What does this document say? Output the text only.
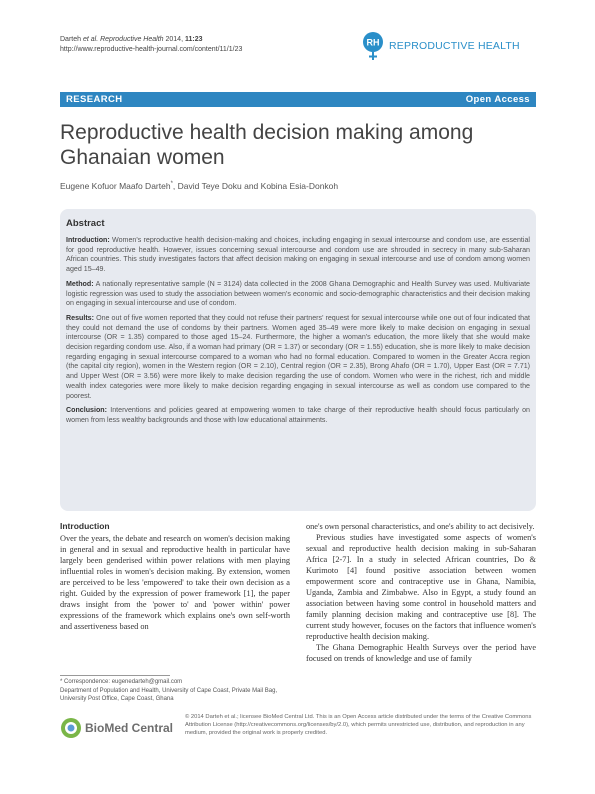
Darteh et al. Reproductive Health 2014, 11:23
http://www.reproductive-health-journal.com/content/11/1/23
RH REPRODUCTIVE HEALTH
RESEARCH	Open Access
Reproductive health decision making among Ghanaian women
Eugene Kofuor Maafo Darteh*, David Teye Doku and Kobina Esia-Donkoh
Abstract

Introduction: Women's reproductive health decision-making and choices, including engaging in sexual intercourse and condom use, are essential for good reproductive health. However, issues concerning sexual intercourse and condom use are shrouded in secrecy in many sub-Saharan African countries. This study investigates factors that affect decision making on engaging in sexual intercourse and use of condom among women aged 15–49.

Method: A nationally representative sample (N = 3124) data collected in the 2008 Ghana Demographic and Health Survey was used. Multivariate logistic regression was used to study the association between women's economic and socio-demographic characteristics and their decision making on engaging in sexual intercourse and use of condom.

Results: One out of five women reported that they could not refuse their partners' request for sexual intercourse while one out of four indicated that they could not demand the use of condoms by their partners. Women aged 35–49 were more likely to make decision on engaging in sexual intercourse (OR = 1.35) compared to those aged 15–24. Furthermore, the higher a woman's education, the more likely that she would make decision regarding condom use. Also, if a woman had primary (OR = 1.37) or secondary (OR = 1.55) education, she is more likely to make decision regarding engaging in sexual intercourse compared to a woman who had no formal education. Compared to women in the Greater Accra region (the capital city region), women in the Western region (OR = 2.10), Central region (OR = 2.35), Brong Ahafo (OR = 1.70), Upper East (OR = 7.71) and Upper West (OR = 3.56) were more likely to make decision regarding the use of condom. Women who were in the richest, rich and middle wealth index categories were more likely to make decision regarding engaging in sexual intercourse as well as condom use compared to the poorest.

Conclusion: Interventions and policies geared at empowering women to take charge of their reproductive health should focus particularly on women from less wealthy backgrounds and those with low educational attainments.

Introduction

Over the years, the debate and research on women's decision making in general and in sexual and reproductive health in particular have largely been genderised within power relations with men playing influential roles in women's decision making. By extension, women are perceived to be less 'empowered' to take their own decision as a right. Guided by the expression of power framework [1], the paper draws insight from the 'power to' and 'power within' power expressions of the framework which explains one's own self-worth and assertiveness based on

one's own personal characteristics, and one's ability to act decisively.

Previous studies have investigated some aspects of women's sexual and reproductive health decision making in sub-Saharan Africa [2-7]. In a study in selected African countries, Do & Kurimoto [4] found positive association between women empowerment score and contraceptive use in Ghana, Namibia, Uganda, Zambia and Zimbabwe. Also in Egypt, a study found an association between having some control in household matters and family planning decision making and contraceptive use [8]. The current study however, focuses on the factors that influence women's reproductive health decision making.

The Ghana Demographic Health Surveys over the period have focused on trends of knowledge and use of family

* Correspondence: eugenedarteh@gmail.com
Department of Population and Health, University of Cape Coast, Private Mail Bag, University Post Office, Cape Coast, Ghana
BioMed Central
© 2014 Darteh et al.; licensee BioMed Central Ltd. This is an Open Access article distributed under the terms of the Creative Commons Attribution License (http://creativecommons.org/licenses/by/2.0), which permits unrestricted use, distribution, and reproduction in any medium, provided the original work is properly credited.
